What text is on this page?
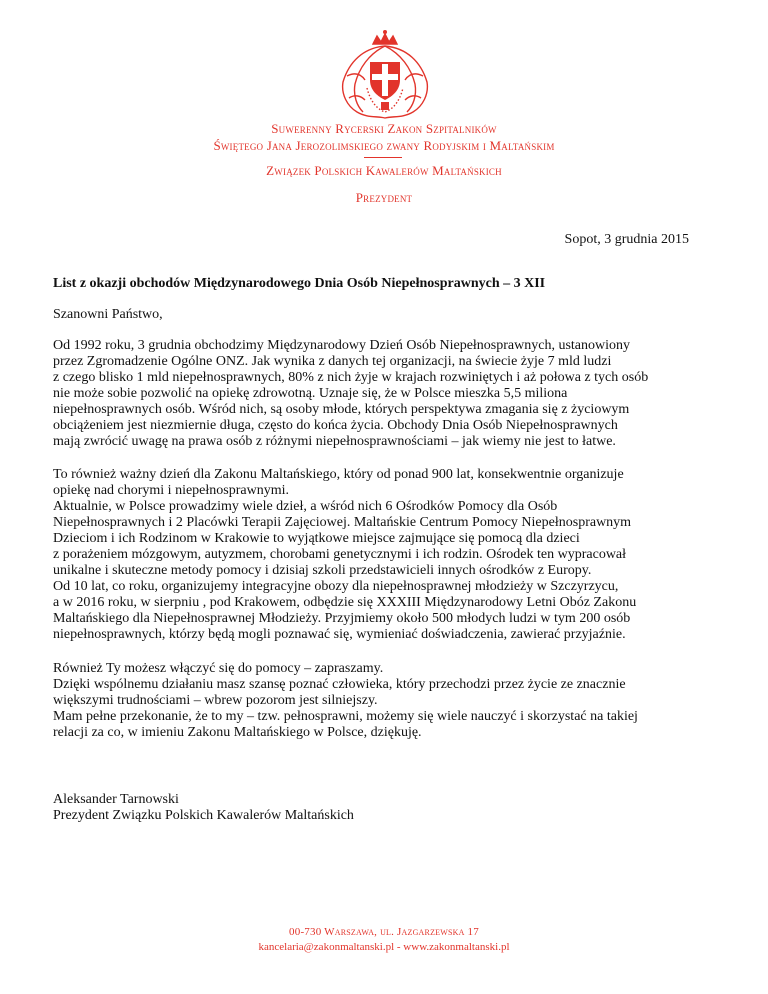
Suwerenny Rycerski Zakon Szpitalników
Świętego Jana Jerozolimskiego zwany Rodyjskim i Maltańskim
Związek Polskich Kawalerów Maltańskich
Prezydent
Sopot, 3 grudnia 2015
List z okazji obchodów Międzynarodowego Dnia Osób Niepełnosprawnych – 3 XII
Szanowni Państwo,
Od 1992 roku, 3 grudnia obchodzimy Międzynarodowy Dzień Osób Niepełnosprawnych, ustanowiony
przez Zgromadzenie Ogólne ONZ. Jak wynika z danych tej organizacji, na świecie żyje 7 mld ludzi
z czego blisko 1 mld niepełnosprawnych, 80% z nich żyje w krajach rozwiniętych i aż połowa z tych osób
nie może sobie pozwolić na opiekę zdrowotną. Uznaje się, że w Polsce mieszka 5,5 miliona
niepełnosprawnych osób. Wśród nich, są osoby młode, których perspektywa zmagania się z życiowym
obciążeniem jest niezmiernie długa, często do końca życia. Obchody Dnia Osób Niepełnosprawnych
mają zwrócić uwagę na prawa osób z różnymi niepełnosprawnościami – jak wiemy nie jest to łatwe.
To również ważny dzień dla Zakonu Maltańskiego, który od ponad 900 lat, konsekwentnie organizuje
opiekę nad chorymi i niepełnosprawnymi.
Aktualnie, w Polsce prowadzimy wiele dzieł, a wśród nich 6 Ośrodków Pomocy dla Osób
Niepełnosprawnych i 2 Placówki Terapii Zajęciowej. Maltańskie Centrum Pomocy Niepełnosprawnym
Dzieciom i ich Rodzinom w Krakowie to wyjątkowe miejsce zajmujące się pomocą dla dzieci
z porażeniem mózgowym, autyzmem, chorobami genetycznymi i ich rodzin. Ośrodek ten wypracował
unikalne i skuteczne metody pomocy i dzisiaj szkoli przedstawicieli innych ośrodków z Europy.
Od 10 lat, co roku, organizujemy integracyjne obozy dla niepełnosprawnej młodzieży w Szczyrzycu,
a w 2016 roku, w sierpniu , pod Krakowem, odbędzie się XXXIII Międzynarodowy Letni Obóz Zakonu
Maltańskiego dla Niepełnosprawnej Młodzieży. Przyjmiemy około 500 młodych ludzi w tym 200 osób
niepełnosprawnych, którzy będą mogli poznawać się, wymieniać doświadczenia, zawierać przyjaźnie.
Również Ty możesz włączyć się do pomocy – zapraszamy.
Dzięki wspólnemu działaniu masz szansę poznać człowieka, który przechodzi przez życie ze znacznie
większymi trudnościami – wbrew pozorom jest silniejszy.
Mam pełne przekonanie, że to my – tzw. pełnosprawni, możemy się wiele nauczyć i skorzystać na takiej
relacji za co, w imieniu Zakonu Maltańskiego w Polsce, dziękuję.
Aleksander Tarnowski
Prezydent Związku Polskich Kawalerów Maltańskich
00-730 Warszawa, ul. Jazgarzewska 17
kancelaria@zakonmaltanski.pl - www.zakonmaltanski.pl
